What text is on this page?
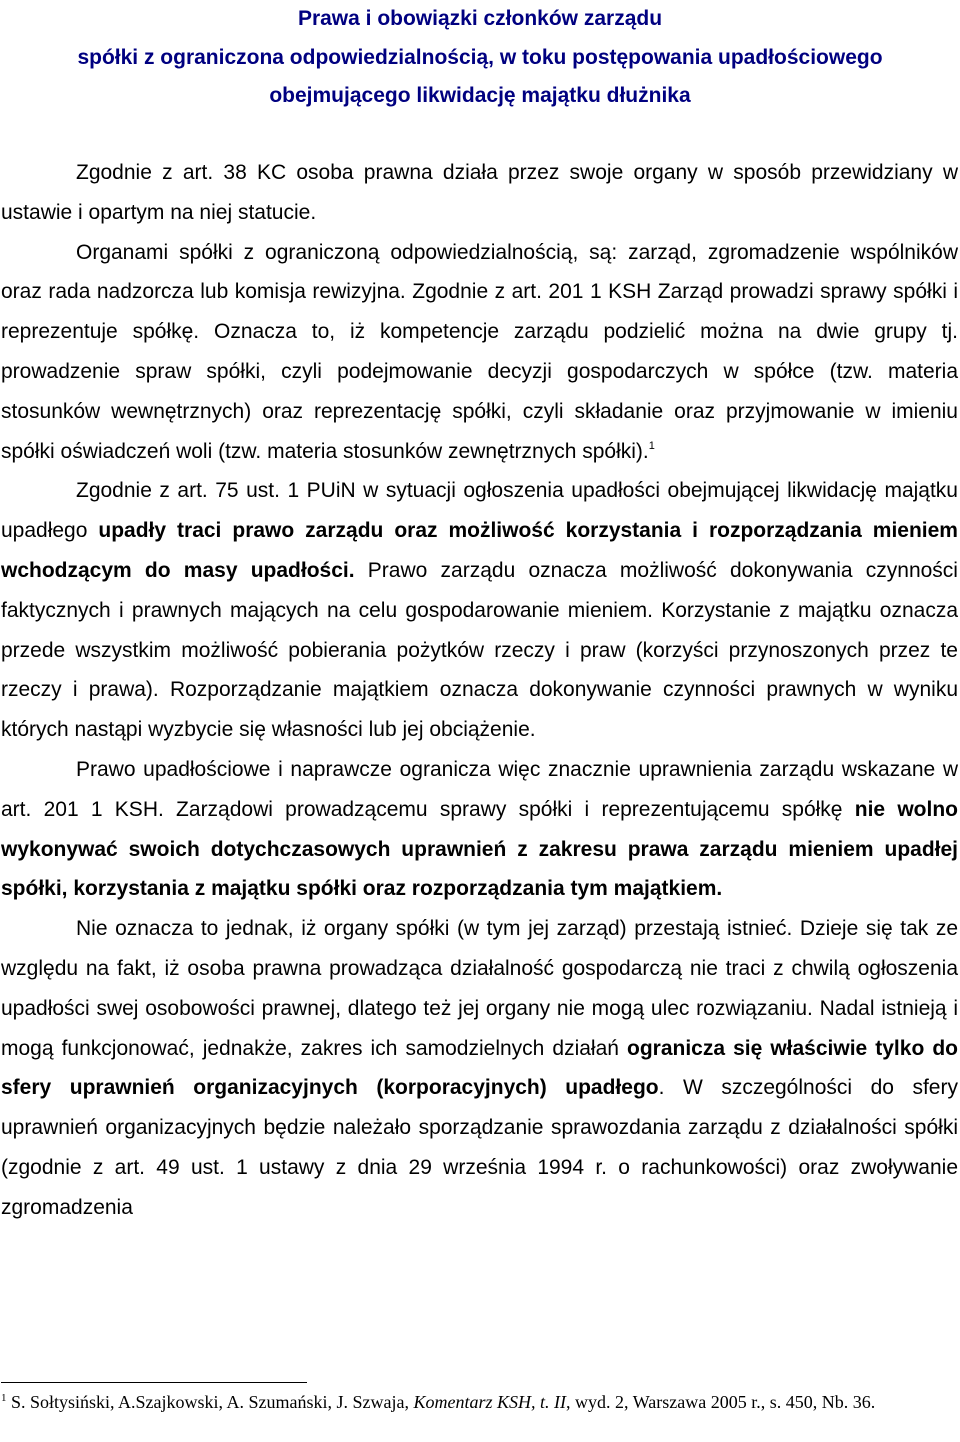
Prawa i obowiązki członków zarządu

spółki z ograniczona odpowiedzialnością, w toku postępowania upadłościowego

obejmującego likwidację majątku dłużnika

Zgodnie z art. 38 KC osoba prawna działa przez swoje organy w sposób przewidziany w ustawie i opartym na niej statucie.

Organami spółki z ograniczoną odpowiedzialnością, są: zarząd, zgromadzenie wspólników oraz rada nadzorcza lub komisja rewizyjna. Zgodnie z art. 201 1 KSH Zarząd prowadzi sprawy spółki i reprezentuje spółkę. Oznacza to, iż kompetencje zarządu podzielić można na dwie grupy tj. prowadzenie spraw spółki, czyli podejmowanie decyzji gospodarczych w spółce (tzw. materia stosunków wewnętrznych) oraz reprezentację spółki, czyli składanie oraz przyjmowanie w imieniu spółki oświadczeń woli (tzw. materia stosunków zewnętrznych spółki).$^1$

Zgodnie z art. 75 ust. 1 PUiN w sytuacji ogłoszenia upadłości obejmującej likwidację majątku upadłego upadły traci prawo zarządu oraz możliwość korzystania i rozporządzania mieniem wchodzącym do masy upadłości. Prawo zarządu oznacza możliwość dokonywania czynności faktycznych i prawnych mających na celu gospodarowanie mieniem. Korzystanie z majątku oznacza przede wszystkim możliwość pobierania pożytków rzeczy i praw (korzyści przynoszonych przez te rzeczy i prawa). Rozporządzanie majątkiem oznacza dokonywanie czynności prawnych w wyniku których nastąpi wyzbycie się własności lub jej obciążenie.

Prawo upadłościowe i naprawcze ogranicza więc znacznie uprawnienia zarządu wskazane w art. 201 1 KSH. Zarządowi prowadzącemu sprawy spółki i reprezentującemu spółkę nie wolno wykonywać swoich dotychczasowych uprawnień z zakresu prawa zarządu mieniem upadłej spółki, korzystania z majątku spółki oraz rozporządzania tym majątkiem.

Nie oznacza to jednak, iż organy spółki (w tym jej zarząd) przestają istnieć. Dzieje się tak ze względu na fakt, iż osoba prawna prowadząca działalność gospodarczą nie traci z chwilą ogłoszenia upadłości swej osobowości prawnej, dlatego też jej organy nie mogą ulec rozwiązaniu. Nadal istnieją i mogą funkcjonować, jednakże, zakres ich samodzielnych działań ogranicza się właściwie tylko do sfery uprawnień organizacyjnych (korporacyjnych) upadłego. W szczególności do sfery uprawnień organizacyjnych będzie należało sporządzanie sprawozdania zarządu z działalności spółki (zgodnie z art. 49 ust. 1 ustawy z dnia 29 września 1994 r. o rachunkowości) oraz zwoływanie zgromadzenia

$^1$ S. Sołtysiński, A.Szajkowski, A. Szumański, J. Szwaja, Komentarz KSH, t. II, wyd. 2, Warszawa 2005 r., s. 450, Nb. 36.
